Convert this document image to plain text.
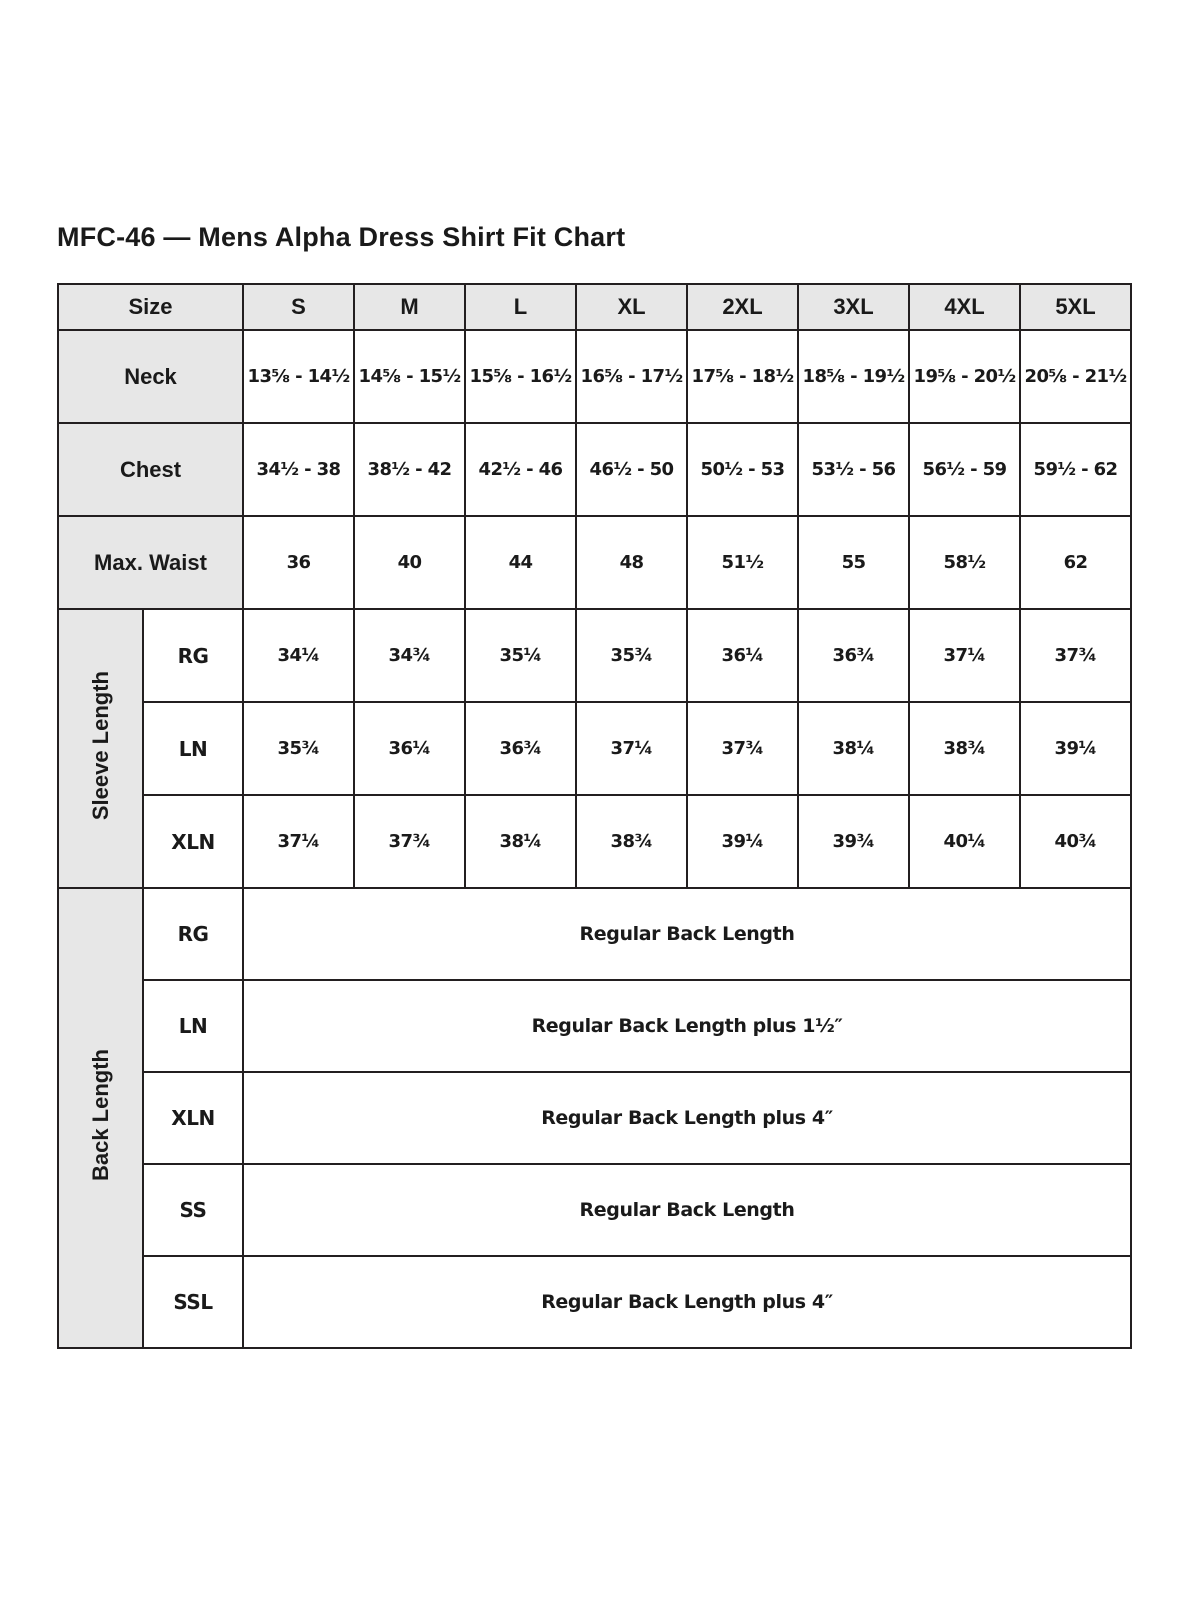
MFC-46 — Mens Alpha Dress Shirt Fit Chart
Size		S	M	L	XL	2XL	3XL	4XL	5XL
Neck		13⅝ - 14½	14⅝ - 15½	15⅝ - 16½	16⅝ - 17½	17⅝ - 18½	18⅝ - 19½	19⅝ - 20½	20⅝ - 21½
Chest		34½ - 38	38½ - 42	42½ - 46	46½ - 50	50½ - 53	53½ - 56	56½ - 59	59½ - 62
Max. Waist		36	40	44	48	51½	55	58½	62
Sleeve Length	RG	34¼	34¾	35¼	35¾	36¼	36¾	37¼	37¾
	LN	35¾	36¼	36¾	37¼	37¾	38¼	38¾	39¼
	XLN	37¼	37¾	38¼	38¾	39¼	39¾	40¼	40¾
Back Length	RG	Regular Back Length							
	LN	Regular Back Length plus 1½″							
	XLN	Regular Back Length plus 4″							
	SS	Regular Back Length							
	SSL	Regular Back Length plus 4″							
